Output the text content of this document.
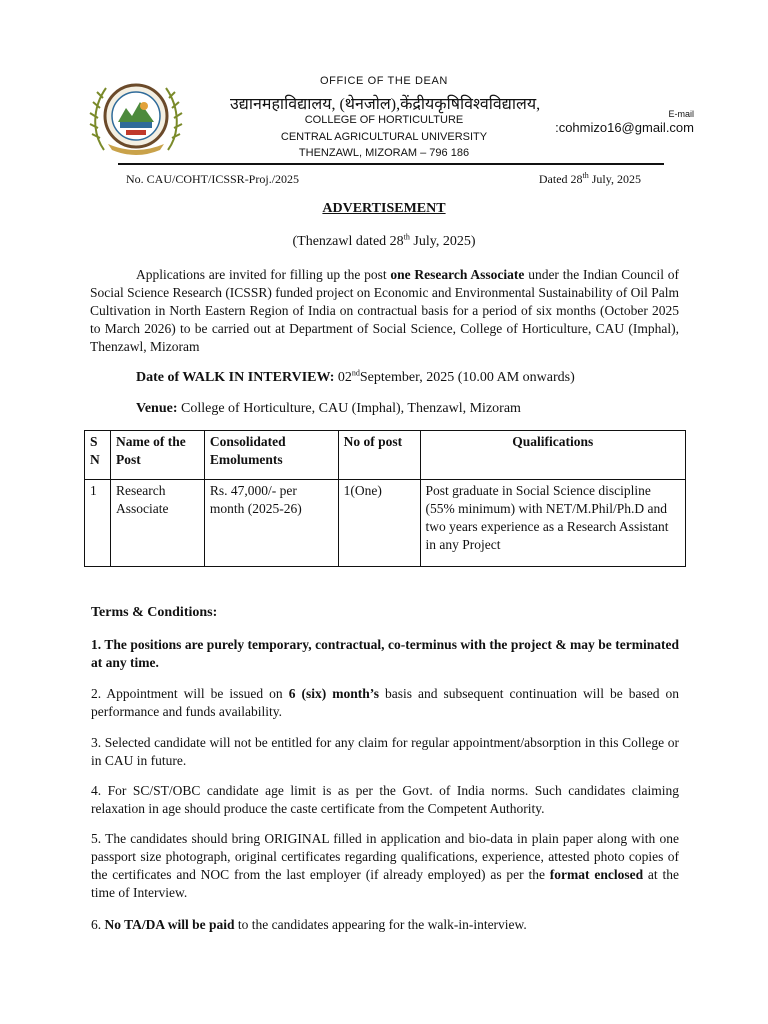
OFFICE OF THE DEAN
उद्यानमहाविद्यालय, (थेनजोल),केंद्रीयकृषिविश्वविद्यालय,
COLLEGE OF HORTICULTURE
CENTRAL AGRICULTURAL UNIVERSITY
THENZAWL, MIZORAM – 796 186
E-mail
:cohmizo16@gmail.com
No. CAU/COHT/ICSSR-Proj./2025	Dated 28th July, 2025
ADVERTISEMENT
(Thenzawl dated 28th July, 2025)
Applications are invited for filling up the post one Research Associate under the Indian Council of Social Science Research (ICSSR) funded project on Economic and Environmental Sustainability of Oil Palm Cultivation in North Eastern Region of India on contractual basis for a period of six months (October 2025 to March 2026) to be carried out at Department of Social Science, College of Horticulture, CAU (Imphal), Thenzawl, Mizoram
Date of WALK IN INTERVIEW: 02ndSeptember, 2025 (10.00 AM onwards)
Venue: College of Horticulture, CAU (Imphal), Thenzawl, Mizoram
S N	Name of the Post	Consolidated Emoluments	No of post	Qualifications
1	Research Associate	Rs. 47,000/- per month (2025-26)	1(One)	Post graduate in Social Science discipline (55% minimum) with NET/M.Phil/Ph.D and two years experience as a Research Assistant in any Project
Terms & Conditions:
1. The positions are purely temporary, contractual, co-terminus with the project & may be terminated at any time.
2. Appointment will be issued on 6 (six) month’s basis and subsequent continuation will be based on performance and funds availability.
3. Selected candidate will not be entitled for any claim for regular appointment/absorption in this College or in CAU in future.
4. For SC/ST/OBC candidate age limit is as per the Govt. of India norms. Such candidates claiming relaxation in age should produce the caste certificate from the Competent Authority.
5. The candidates should bring ORIGINAL filled in application and bio-data in plain paper along with one passport size photograph, original certificates regarding qualifications, experience, attested photo copies of the certificates and NOC from the last employer (if already employed) as per the format enclosed at the time of Interview.
6. No TA/DA will be paid to the candidates appearing for the walk-in-interview.
